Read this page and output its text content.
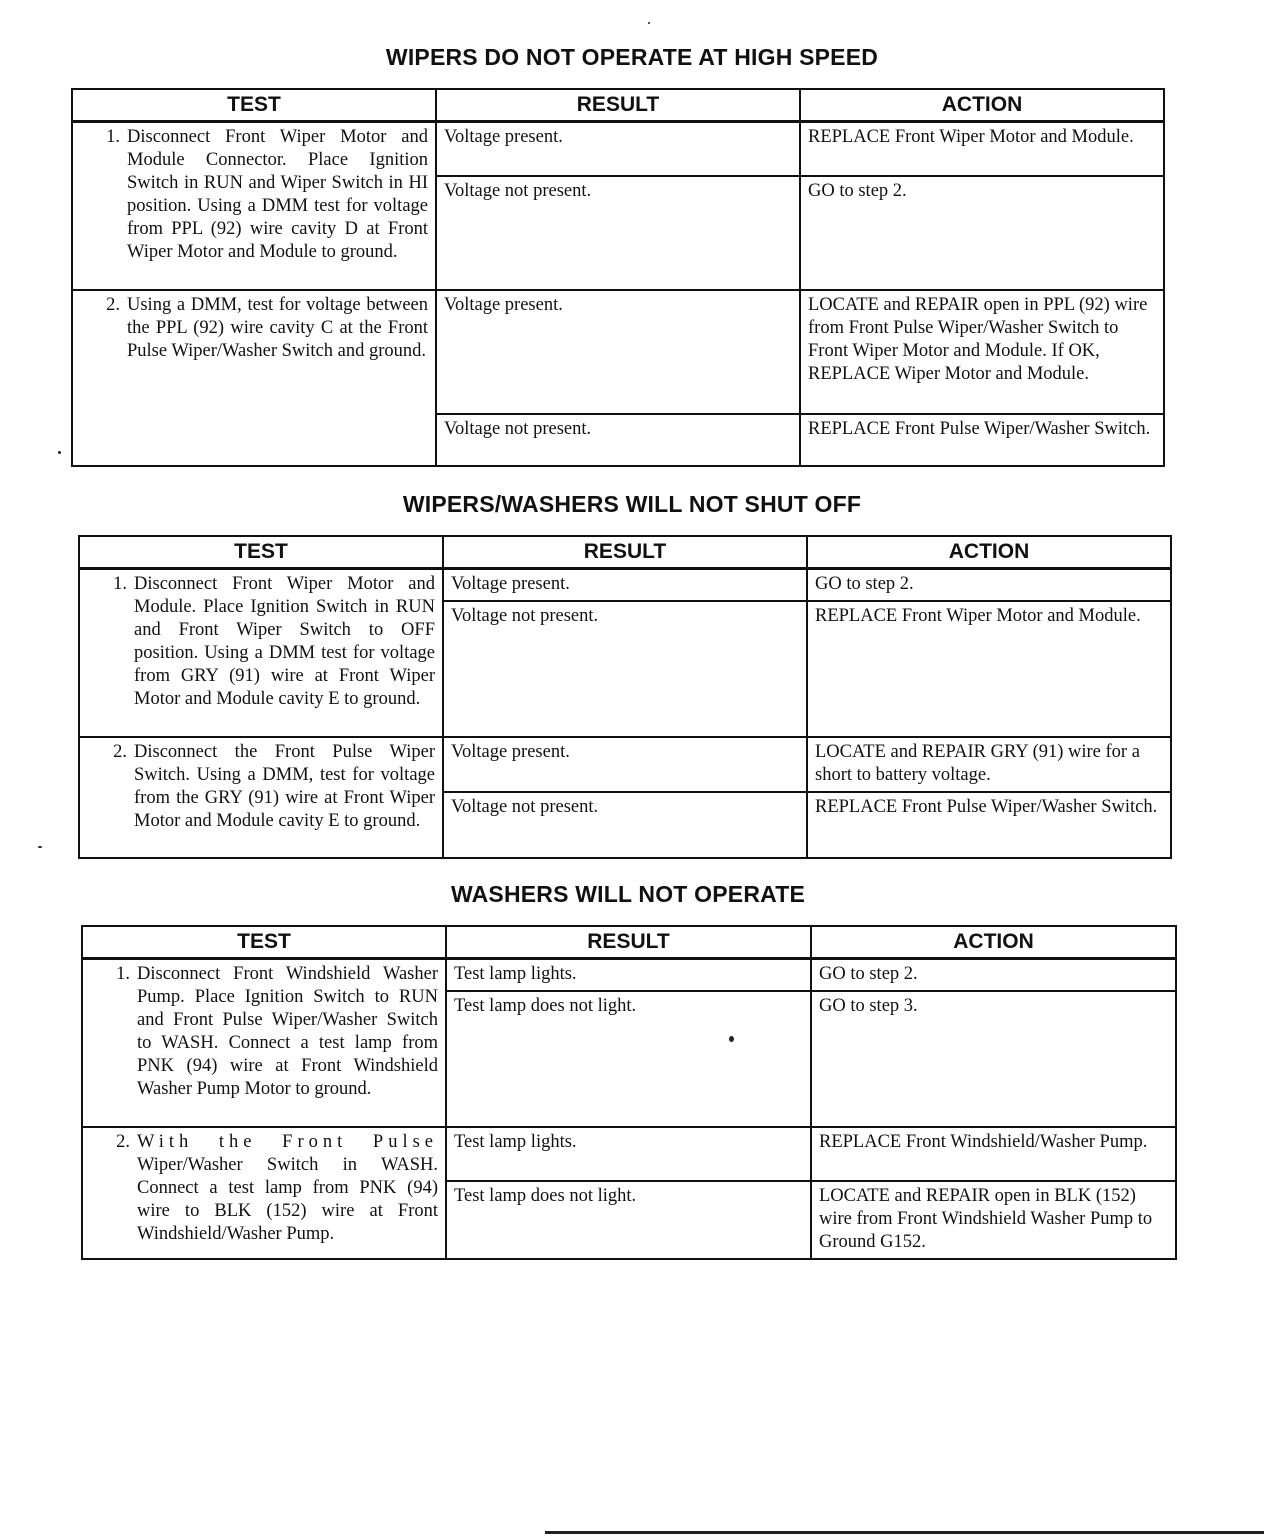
WIPERS DO NOT OPERATE AT HIGH SPEED
TEST	RESULT	ACTION

1. Disconnect Front Wiper Motor and Module Connector. Place Ignition Switch in RUN and Wiper Switch in HI position. Using a DMM test for voltage from PPL (92) wire cavity D at Front Wiper Motor and Module to ground.	Voltage present.	REPLACE Front Wiper Motor and Module.
	Voltage not present.	GO to step 2.

2. Using a DMM, test for voltage between the PPL (92) wire cavity C at the Front Pulse Wiper/Washer Switch and ground.	Voltage present.	LOCATE and REPAIR open in PPL (92) wire from Front Pulse Wiper/Washer Switch to Front Wiper Motor and Module. If OK, REPLACE Wiper Motor and Module.
	Voltage not present.	REPLACE Front Pulse Wiper/Washer Switch.
WIPERS/WASHERS WILL NOT SHUT OFF
TEST	RESULT	ACTION

1. Disconnect Front Wiper Motor and Module. Place Ignition Switch in RUN and Front Wiper Switch to OFF position. Using a DMM test for voltage from GRY (91) wire at Front Wiper Motor and Module cavity E to ground.	Voltage present.	GO to step 2.
	Voltage not present.	REPLACE Front Wiper Motor and Module.

2. Disconnect the Front Pulse Wiper Switch. Using a DMM, test for voltage from the GRY (91) wire at Front Wiper Motor and Module cavity E to ground.	Voltage present.	LOCATE and REPAIR GRY (91) wire for a short to battery voltage.
	Voltage not present.	REPLACE Front Pulse Wiper/Washer Switch.
WASHERS WILL NOT OPERATE
TEST	RESULT	ACTION

1. Disconnect Front Windshield Washer Pump. Place Ignition Switch to RUN and Front Pulse Wiper/Washer Switch to WASH. Connect a test lamp from PNK (94) wire at Front Windshield Washer Pump Motor to ground.	Test lamp lights.	GO to step 2.
	Test lamp does not light.	GO to step 3.

2. With the Front Pulse Wiper/Washer Switch in WASH. Connect a test lamp from PNK (94) wire to BLK (152) wire at Front Windshield/Washer Pump.	Test lamp lights.	REPLACE Front Windshield/Washer Pump.
	Test lamp does not light.	LOCATE and REPAIR open in BLK (152) wire from Front Windshield Washer Pump to Ground G152.
